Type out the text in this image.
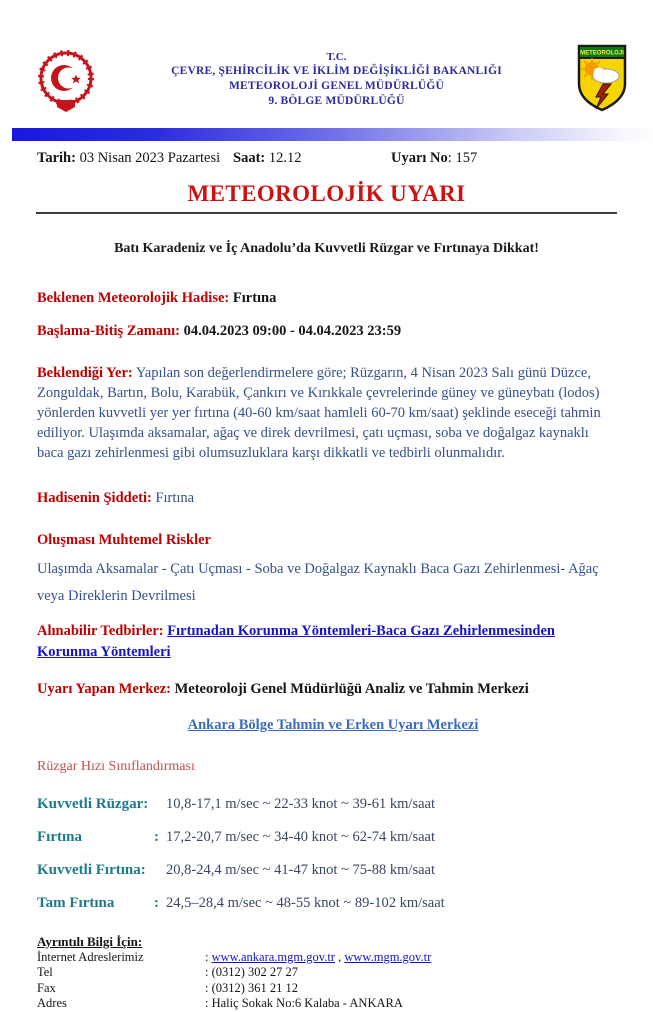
T.C.
ÇEVRE, ŞEHİRCİLİK VE İKLİM DEĞİŞİKLİĞİ BAKANLIĞI
METEOROLOJİ GENEL MÜDÜRLÜĞÜ
9. BÖLGE MÜDÜRLÜĞÜ
METEOROLOJI
Tarih: 03 Nisan 2023 Pazartesi Saat: 12.12	Uyarı No: 157
METEOROLOJİK UYARI
Batı Karadeniz ve İç Anadolu’da Kuvvetli Rüzgar ve Fırtınaya Dikkat!
Beklenen Meteorolojik Hadise: Fırtına
Başlama-Bitiş Zamanı: 04.04.2023 09:00 - 04.04.2023 23:59
Beklendiği Yer: Yapılan son değerlendirmelere göre; Rüzgarın, 4 Nisan 2023 Salı günü Düzce, Zonguldak, Bartın, Bolu, Karabük, Çankırı ve Kırıkkale çevrelerinde güney ve güneybatı (lodos) yönlerden kuvvetli yer yer fırtına (40-60 km/saat hamleli 60-70 km/saat) şeklinde eseceği tahmin ediliyor. Ulaşımda aksamalar, ağaç ve direk devrilmesi, çatı uçması, soba ve doğalgaz kaynaklı baca gazı zehirlenmesi gibi olumsuzluklara karşı dikkatli ve tedbirli olunmalıdır.
Hadisenin Şiddeti: Fırtına
Oluşması Muhtemel Riskler
Ulaşımda Aksamalar - Çatı Uçması - Soba ve Doğalgaz Kaynaklı Baca Gazı Zehirlenmesi- Ağaç veya Direklerin Devrilmesi
Alınabilir Tedbirler: Fırtınadan Korunma Yöntemleri-Baca Gazı Zehirlenmesinden Korunma Yöntemleri
Uyarı Yapan Merkez: Meteoroloji Genel Müdürlüğü Analiz ve Tahmin Merkezi
Ankara Bölge Tahmin ve Erken Uyarı Merkezi
Rüzgar Hızı Sınıflandırması
Kuvvetli Rüzgar:	10,8-17,1 m/sec ~ 22-33 knot ~ 39-61 km/saat
Fırtına	: 17,2-20,7 m/sec ~ 34-40 knot ~ 62-74 km/saat
Kuvvetli Fırtına:	20,8-24,4 m/sec ~ 41-47 knot ~ 75-88 km/saat
Tam Fırtına	: 24,5–28,4 m/sec ~ 48-55 knot ~ 89-102 km/saat
Ayrıntılı Bilgi İçin:
İnternet Adreslerimiz	: www.ankara.mgm.gov.tr , www.mgm.gov.tr
Tel	: (0312) 302 27 27
Fax	: (0312) 361 21 12
Adres	: Haliç Sokak No:6 Kalaba - ANKARA
